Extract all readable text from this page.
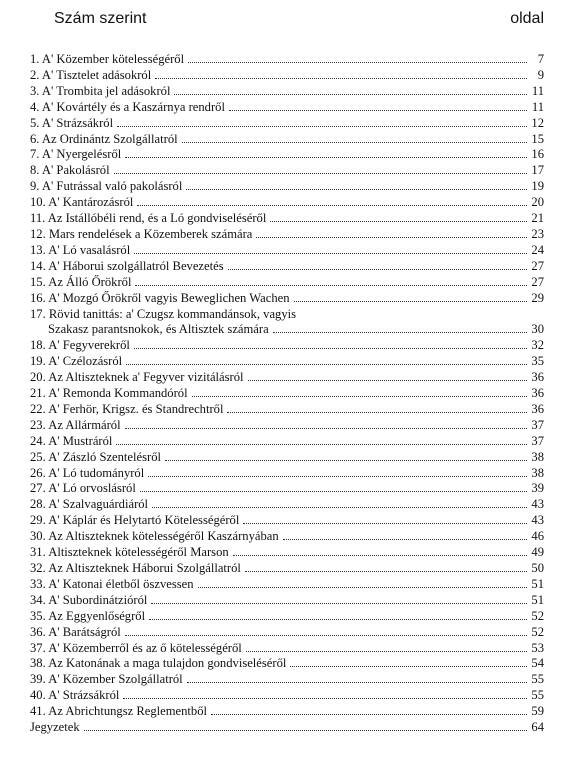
Szám szerint	oldal
1. A' Közember kötelességéről	7
2. A' Tisztelet adásokról	9
3. A' Trombita jel adásokról	11
4. A' Kovártély és a Kaszárnya rendről	11
5. A' Strázsákról	12
6. Az Ordinántz Szolgállatról	15
7. A' Nyergelésről	16
8. A' Pakolásról	17
9. A' Futrással való pakolásról	19
10. A' Kantározásról	20
11. Az Istállóbéli rend, és a Ló gondviseléséről	21
12. Mars rendelések a Közemberek számára	23
13. A' Ló vasalásról	24
14. A' Háborui szolgállatról Bevezetés	27
15. Az Álló Őrökről	27
16. A' Mozgó Őrökről vagyis Beweglichen Wachen	29
17. Rövid tanittás: a' Czugsz kommandánsok, vagyis
Szakasz parantsnokok, és Altisztek számára	30
18. A' Fegyverekről	32
19. A' Czélozásról	35
20. Az Altiszteknek a' Fegyver vizitálásról	36
21. A' Remonda Kommandóról	36
22. A' Ferhör, Krigsz. és Standrechtről	36
23. Az Allármáról	37
24. A' Mustráról	37
25. A' Zászló Szentelésről	38
26. A' Ló tudományról	38
27. A' Ló orvoslásról	39
28. A' Szalvaguárdiáról	43
29. A' Káplár és Helytartó Kötelességéről	43
30. Az Altiszteknek kötelességéről Kaszárnyában	46
31. Altiszteknek kötelességéről Marson	49
32. Az Altiszteknek Háborui Szolgállatról	50
33. A' Katonai életből öszvessen	51
34. A' Subordinátzióról	51
35. Az Eggyenlőségről	52
36. A' Barátságról	52
37. A' Közemberről és az ő kötelességéről	53
38. Az Katonának a maga tulajdon gondviseléséről	54
39. A' Közember Szolgállatról	55
40. A' Strázsákról	55
41. Az Abrichtungsz Reglementből	59
Jegyzetek	64
